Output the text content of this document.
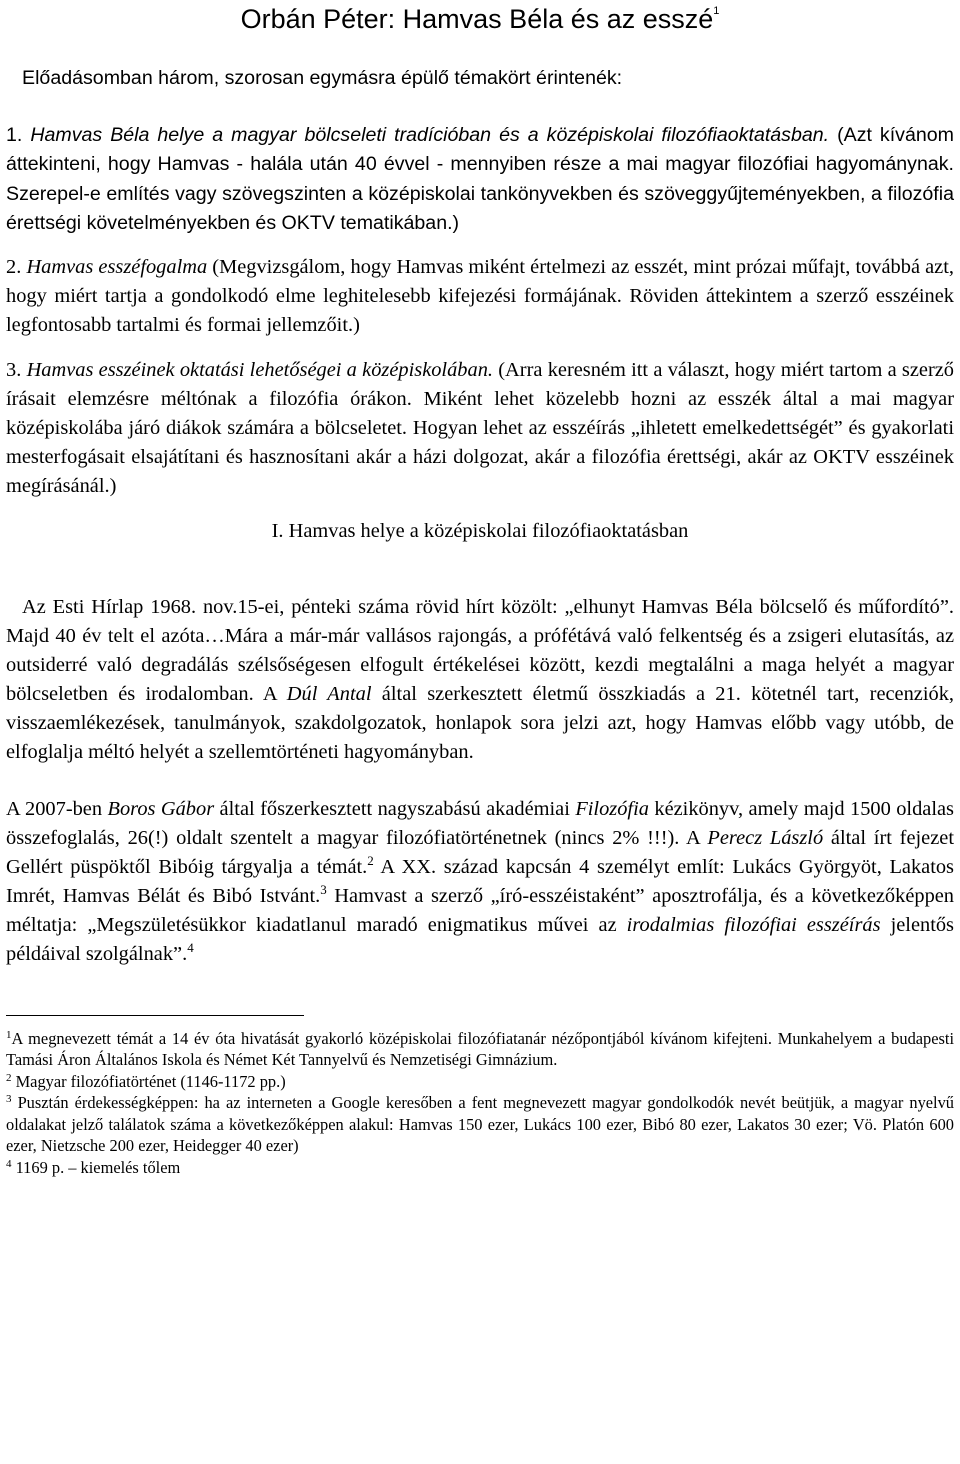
Orbán Péter: Hamvas Béla és az esszé$^1$

Előadásomban három, szorosan egymásra épülő témakört érintenék:

1. Hamvas Béla helye a magyar bölcseleti tradícióban és a középiskolai filozófiaoktatásban. (Azt kívánom áttekinteni, hogy Hamvas - halála után 40 évvel - mennyiben része a mai magyar filozófiai hagyománynak. Szerepel-e említés vagy szövegszinten a középiskolai tankönyvekben és szöveggyűjteményekben, a filozófia érettségi követelményekben és OKTV tematikában.)

2. Hamvas esszéfogalma (Megvizsgálom, hogy Hamvas miként értelmezi az esszét, mint prózai műfajt, továbbá azt, hogy miért tartja a gondolkodó elme leghitelesebb kifejezési formájának. Röviden áttekintem a szerző esszéinek legfontosabb tartalmi és formai jellemzőit.)

3. Hamvas esszéinek oktatási lehetőségei a középiskolában. (Arra keresném itt a választ, hogy miért tartom a szerző írásait elemzésre méltónak a filozófia órákon. Miként lehet közelebb hozni az esszék által a mai magyar középiskolába járó diákok számára a bölcseletet. Hogyan lehet az esszéírás „ihletett emelkedettségét” és gyakorlati mesterfogásait elsajátítani és hasznosítani akár a házi dolgozat, akár a filozófia érettségi, akár az OKTV esszéinek megírásánál.)

I. Hamvas helye a középiskolai filozófiaoktatásban

Az Esti Hírlap 1968. nov.15-ei, pénteki száma rövid hírt közölt: „elhunyt Hamvas Béla bölcselő és műfordító”. Majd 40 év telt el azóta…Mára a már-már vallásos rajongás, a prófétává való felkentség és a zsigeri elutasítás, az outsiderré való degradálás szélsőségesen elfogult értékelései között, kezdi megtalálni a maga helyét a magyar bölcseletben és irodalomban. A Dúl Antal által szerkesztett életmű összkiadás a 21. kötetnél tart, recenziók, visszaemlékezések, tanulmányok, szakdolgozatok, honlapok sora jelzi azt, hogy Hamvas előbb vagy utóbb, de elfoglalja méltó helyét a szellemtörténeti hagyományban.

A 2007-ben Boros Gábor által főszerkesztett nagyszabású akadémiai Filozófia kézikönyv, amely majd 1500 oldalas összefoglalás, 26(!) oldalt szentelt a magyar filozófiatörténetnek (nincs 2% !!!). A Perecz László által írt fejezet Gellért püspöktől Bibóig tárgyalja a témát.$^2$ A XX. század kapcsán 4 személyt említ: Lukács Györgyöt, Lakatos Imrét, Hamvas Bélát és Bibó Istvánt.$^3$ Hamvast a szerző „író-esszéistaként” aposztrofálja, és a következőképpen méltatja: „Megszületésükkor kiadatlanul maradó enigmatikus művei az irodalmias filozófiai esszéírás jelentős példáival szolgálnak”.$^4$

$^1$A megnevezett témát a 14 év óta hivatását gyakorló középiskolai filozófiatanár nézőpontjából kívánom kifejteni. Munkahelyem a budapesti Tamási Áron Általános Iskola és Német Két Tannyelvű és Nemzetiségi Gimnázium.

$^2$ Magyar filozófiatörténet (1146-1172 pp.)

$^3$ Pusztán érdekességképpen: ha az interneten a Google keresőben a fent megnevezett magyar gondolkodók nevét beütjük, a magyar nyelvű oldalakat jelző találatok száma a következőképpen alakul: Hamvas 150 ezer, Lukács 100 ezer, Bibó 80 ezer, Lakatos 30 ezer; Vö. Platón 600 ezer, Nietzsche 200 ezer, Heidegger 40 ezer)

$^4$ 1169 p. – kiemelés tőlem
